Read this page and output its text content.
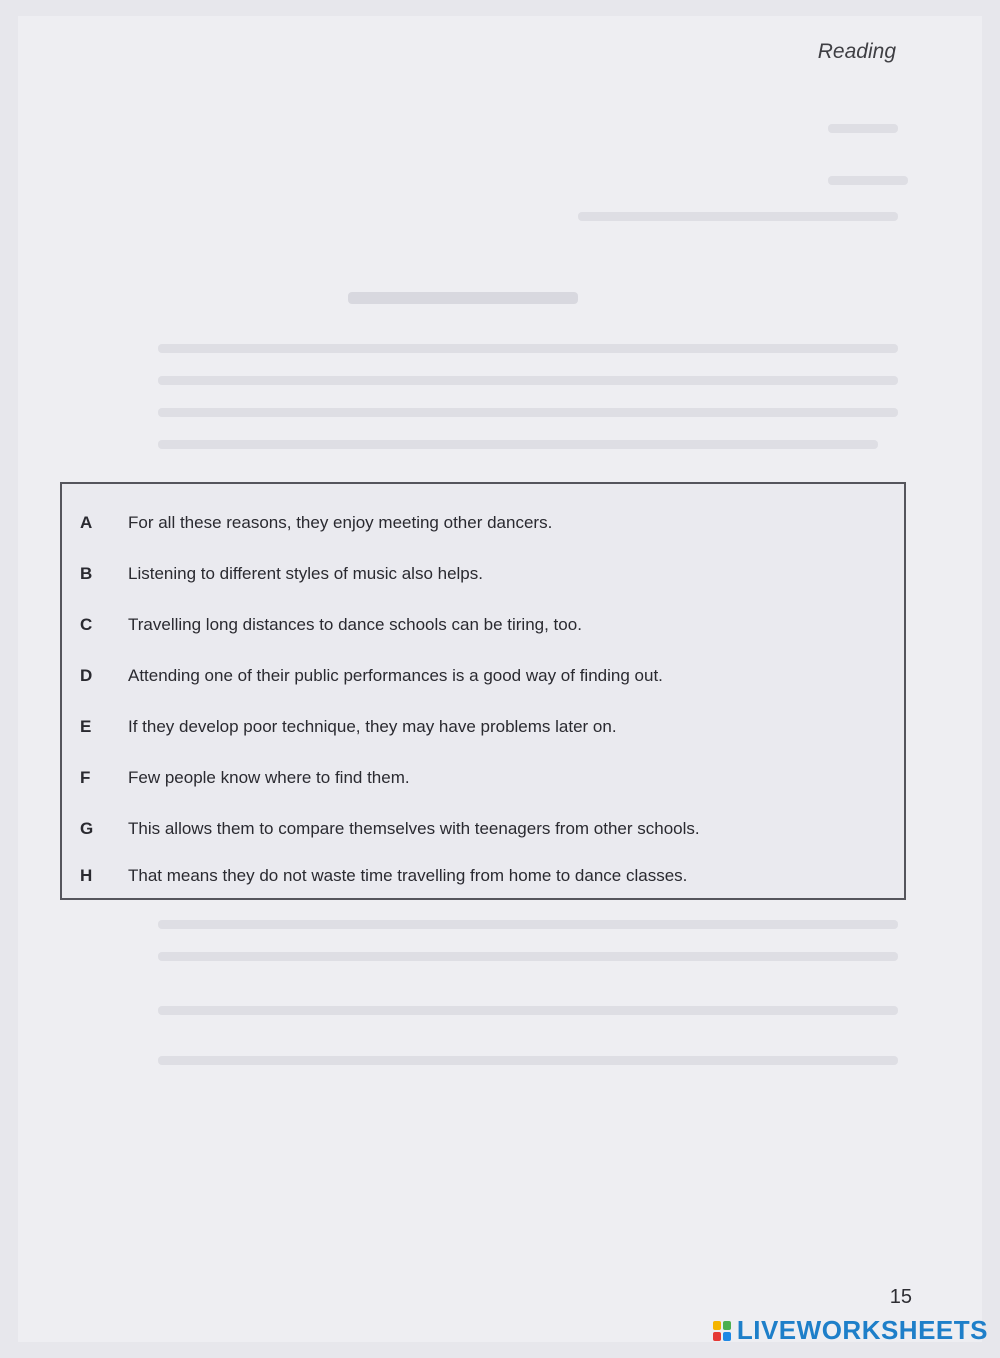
Reading
A	For all these reasons, they enjoy meeting other dancers.
B	Listening to different styles of music also helps.
C	Travelling long distances to dance schools can be tiring, too.
D	Attending one of their public performances is a good way of finding out.
E	If they develop poor technique, they may have problems later on.
F	Few people know where to find them.
G	This allows them to compare themselves with teenagers from other schools.
H	That means they do not waste time travelling from home to dance classes.
15
LIVEWORKSHEETS
